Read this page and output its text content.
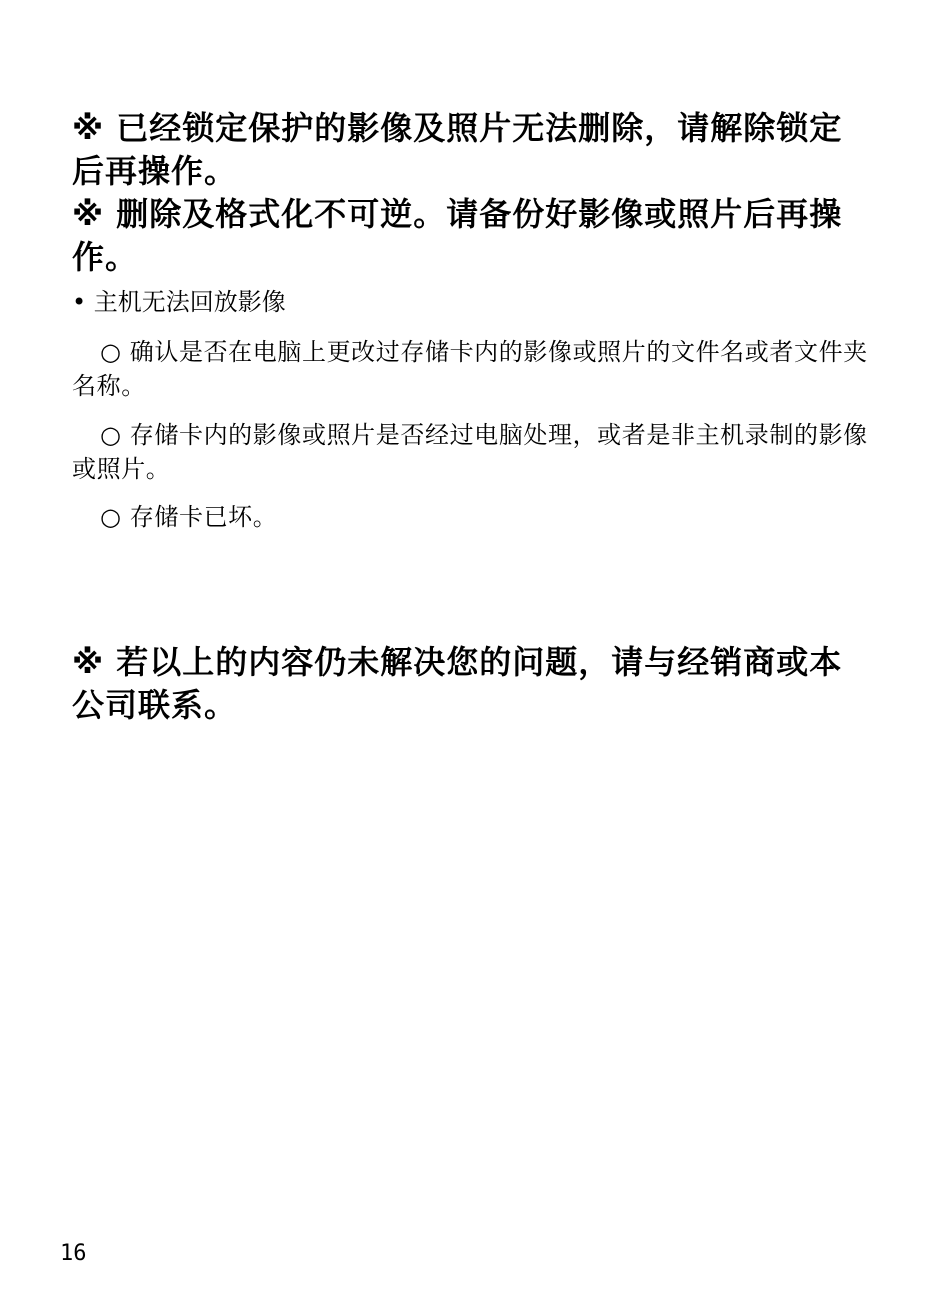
※ 已经锁定保护的影像及照片无法删除，请解除锁定后再操作。

※ 删除及格式化不可逆。请备份好影像或照片后再操作。

• 主机无法回放影像

○ 确认是否在电脑上更改过存储卡内的影像或照片的文件名或者文件夹名称。

○ 存储卡内的影像或照片是否经过电脑处理，或者是非主机录制的影像或照片。

○ 存储卡已坏。

※ 若以上的内容仍未解决您的问题，请与经销商或本公司联系。

16
